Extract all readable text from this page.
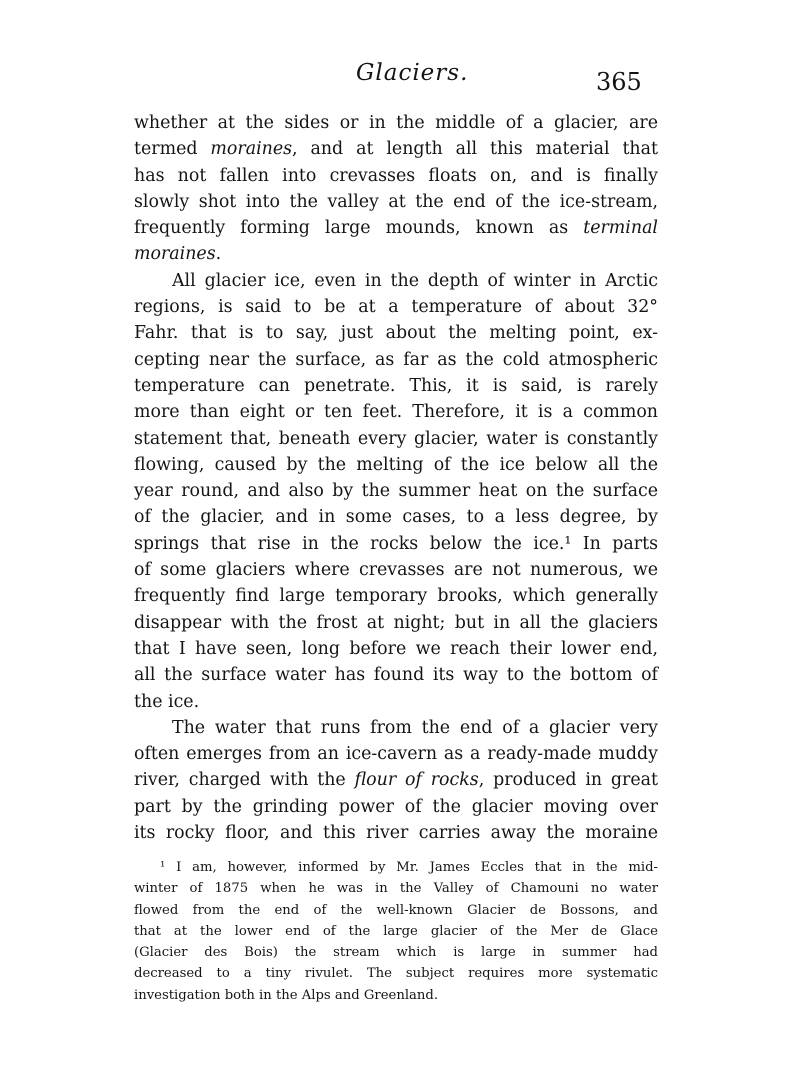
Glaciers.	365
whether at the sides or in the middle of a glacier, are
termed moraines, and at length all this material that
has not fallen into crevasses floats on, and is finally
slowly shot into the valley at the end of the ice-stream,
frequently forming large mounds, known as terminal
moraines.
All glacier ice, even in the depth of winter in Arctic
regions, is said to be at a temperature of about 32°
Fahr. that is to say, just about the melting point, ex-
cepting near the surface, as far as the cold atmospheric
temperature can penetrate. This, it is said, is rarely
more than eight or ten feet. Therefore, it is a common
statement that, beneath every glacier, water is constantly
flowing, caused by the melting of the ice below all the
year round, and also by the summer heat on the surface
of the glacier, and in some cases, to a less degree, by
springs that rise in the rocks below the ice.¹ In parts
of some glaciers where crevasses are not numerous, we
frequently find large temporary brooks, which generally
disappear with the frost at night; but in all the glaciers
that I have seen, long before we reach their lower end,
all the surface water has found its way to the bottom of
the ice.
The water that runs from the end of a glacier very
often emerges from an ice-cavern as a ready-made muddy
river, charged with the flour of rocks, produced in great
part by the grinding power of the glacier moving over
its rocky floor, and this river carries away the moraine
¹ I am, however, informed by Mr. James Eccles that in the mid-
winter of 1875 when he was in the Valley of Chamouni no water
flowed from the end of the well-known Glacier de Bossons, and
that at the lower end of the large glacier of the Mer de Glace
(Glacier des Bois) the stream which is large in summer had
decreased to a tiny rivulet. The subject requires more systematic
investigation both in the Alps and Greenland.
